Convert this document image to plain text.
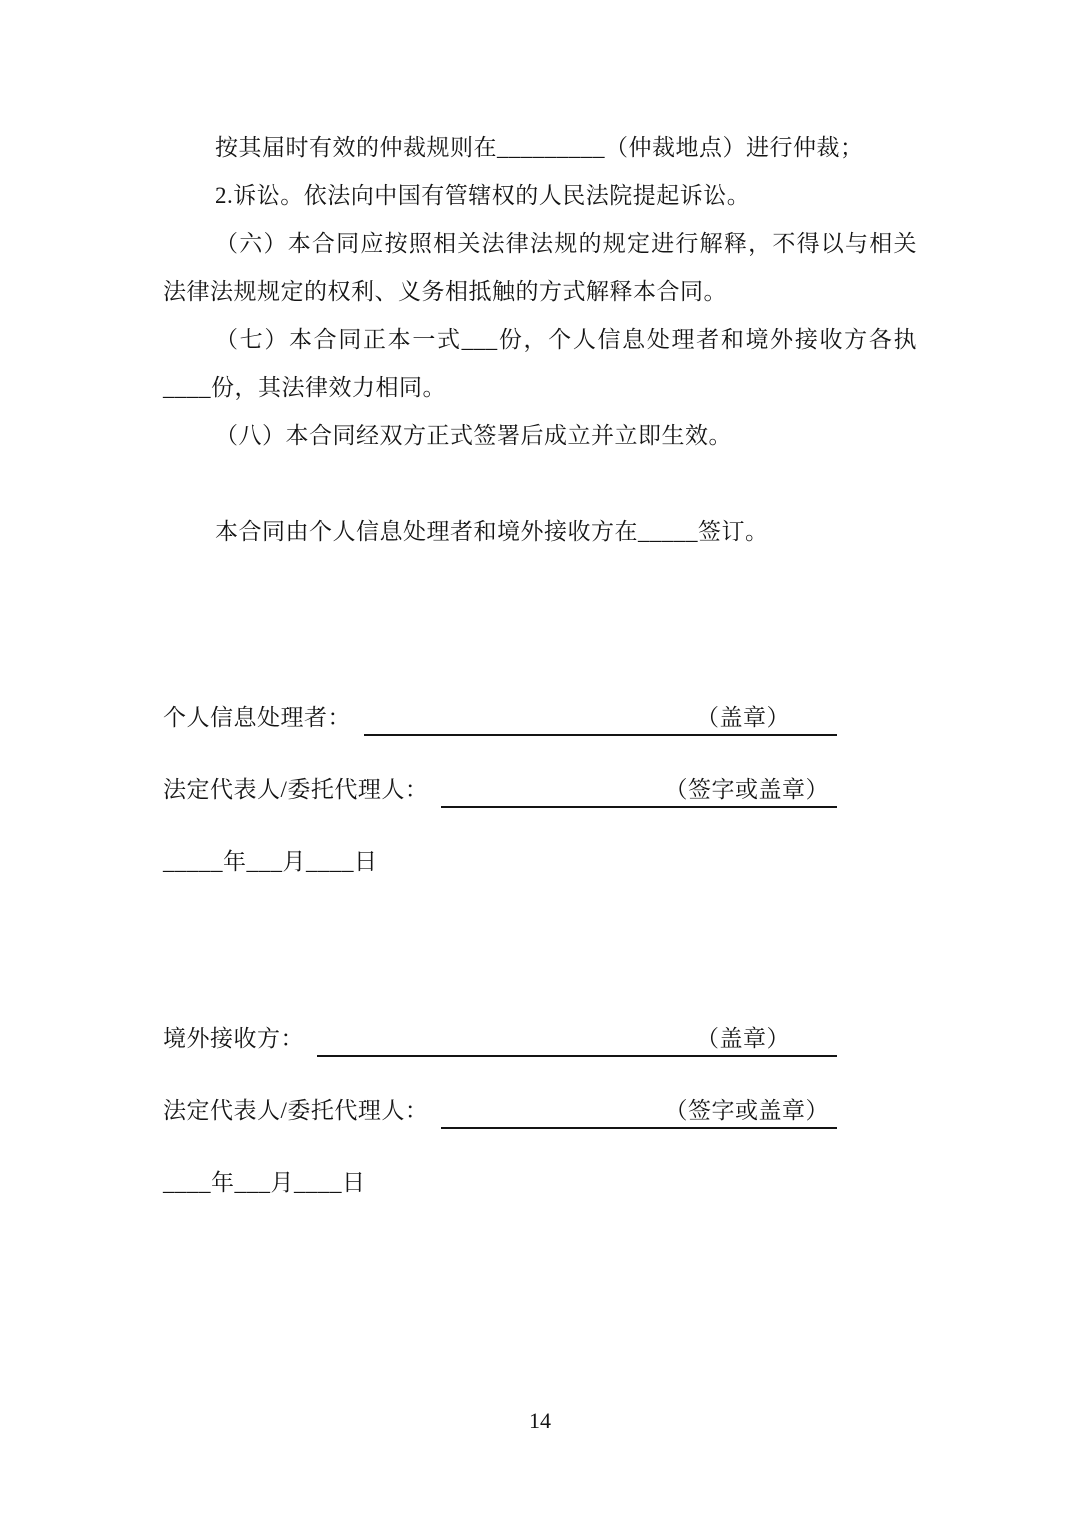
按其届时有效的仲裁规则在_________（仲裁地点）进行仲裁；

2.诉讼。依法向中国有管辖权的人民法院提起诉讼。

（六）本合同应按照相关法律法规的规定进行解释，不得以与相关法律法规规定的权利、义务相抵触的方式解释本合同。

（七）本合同正本一式___份，个人信息处理者和境外接收方各执____份，其法律效力相同。

（八）本合同经双方正式签署后成立并立即生效。

本合同由个人信息处理者和境外接收方在_____签订。

个人信息处理者：	（盖章）
法定代表人/委托代理人：	（签字或盖章）
_____年___月____日
境外接收方：	（盖章）
法定代表人/委托代理人：	（签字或盖章）
____年___月____日
14
